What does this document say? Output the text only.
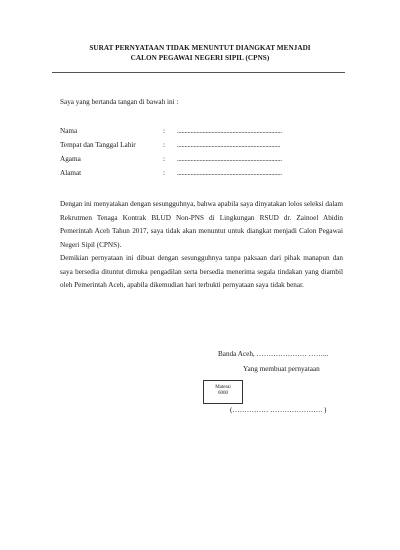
SURAT PERNYATAAN TIDAK MENUNTUT DIANGKAT MENJADI
CALON PEGAWAI NEGERI SIPIL (CPNS)
Saya yang bertanda tangan di bawah ini :
Nama	: ......................................................................
Tempat dan Tanggal Lahir	: .....................................................................
Agama	: ......................................................................
Alamat	: ......................................................................

Dengan ini menyatakan dengan sesungguhnya, bahwa apabila saya dinyatakan lolos seleksi dalam Rekrutmen Tenaga Kontrak BLUD Non-PNS di Lingkungan RSUD dr. Zainoel Abidin Pemerintah Aceh Tahun 2017, saya tidak akan menuntut untuk diangkat menjadi Calon Pegawai Negeri Sipil (CPNS).

Demikian pernyataan ini dibuat dengan sesungguhnya tanpa paksaan dari pihak manapun dan saya bersedia dituntut dimuka pengadilan serta bersedia menerima segala tindakan yang diambil oleh Pemerintah Aceh, apabila dikemudian hari terbukti pernyataan saya tidak benar.

Banda Aceh, ………………… ……...
Yang membuat pernyataan
Materai
6000
(…………… …………………. )
